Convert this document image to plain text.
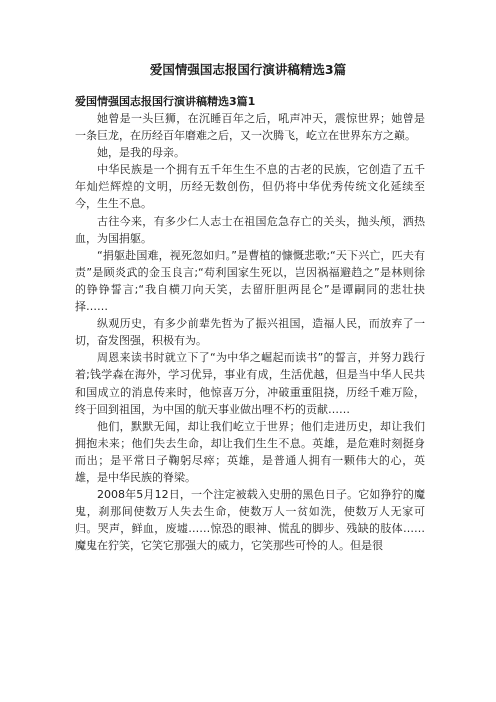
爱国情强国志报国行演讲稿精选3篇
爱国情强国志报国行演讲稿精选3篇1

她曾是一头巨狮，在沉睡百年之后，吼声冲天，震惊世界；她曾是一条巨龙，在历经百年磨难之后，又一次腾飞，屹立在世界东方之巅。

她，是我的母亲。

中华民族是一个拥有五千年生生不息的古老的民族，它创造了五千年灿烂辉煌的文明，历经无数创伤，但仍将中华优秀传统文化延续至今，生生不息。

古往今来，有多少仁人志士在祖国危急存亡的关头，抛头颅，洒热血，为国捐躯。

“捐躯赴国难，视死忽如归。”是曹植的慷慨悲歌;“天下兴亡，匹夫有责”是顾炎武的金玉良言;“苟利国家生死以，岂因祸福避趋之”是林则徐的铮铮誓言;“我自横刀向天笑，去留肝胆两昆仑”是谭嗣同的悲壮抉择……

纵观历史，有多少前辈先哲为了振兴祖国，造福人民，而放弃了一切，奋发图强，积极有为。

周恩来读书时就立下了“为中华之崛起而读书”的誓言，并努力践行着;钱学森在海外，学习优异，事业有成，生活优越，但是当中华人民共和国成立的消息传来时，他惊喜万分，冲破重重阻挠，历经千难万险，终于回到祖国，为中国的航天事业做出哩不朽的贡献……

他们，默默无闻，却让我们屹立于世界；他们走进历史，却让我们拥抱未来；他们失去生命，却让我们生生不息。英雄，是危难时刻挺身而出；是平常日子鞠躬尽瘁；英雄，是普通人拥有一颗伟大的心，英雄，是中华民族的脊梁。

2008年5月12日，一个注定被载入史册的黑色日子。它如狰狞的魔鬼，刹那间使数万人失去生命，使数万人一贫如洗，使数万人无家可归。哭声，鲜血，废墟……惊恐的眼神、慌乱的脚步、残缺的肢体……魔鬼在狞笑，它笑它那强大的威力，它笑那些可怜的人。但是很
